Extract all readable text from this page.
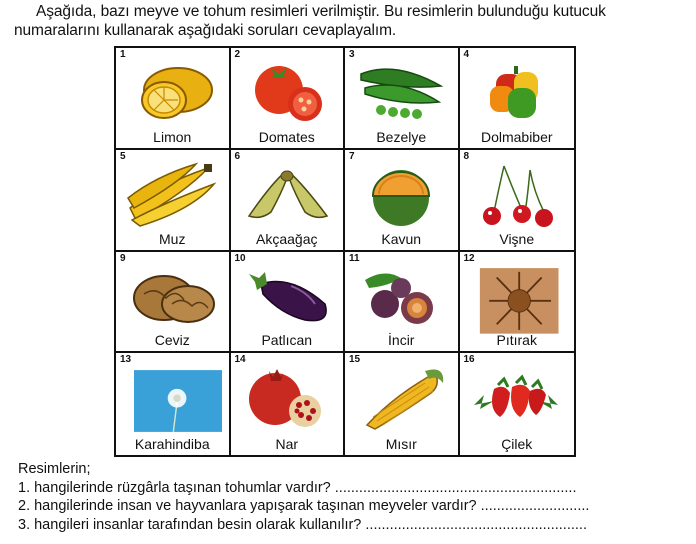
Aşağıda, bazı meyve ve tohum resimleri verilmiştir. Bu resimlerin bulunduğu kutucuk numaralarını kullanarak aşağıdaki soruları cevaplayalım.
1
Limon
2
Domates
3
Bezelye
4
Dolmabiber
5
Muz
6
Akçaağaç
7
Kavun
8
Vişne
9
Ceviz
10
Patlıcan
11
İncir
12
Pıtırak
13
Karahindiba
14
Nar
15
Mısır
16
Çilek
Resimlerin;
1. hangilerinde rüzgârla taşınan tohumlar vardır? ............................................................
2. hangilerinde insan ve hayvanlara yapışarak taşınan meyveler vardır? ...........................
3. hangileri insanlar tarafından besin olarak kullanılır? .......................................................
